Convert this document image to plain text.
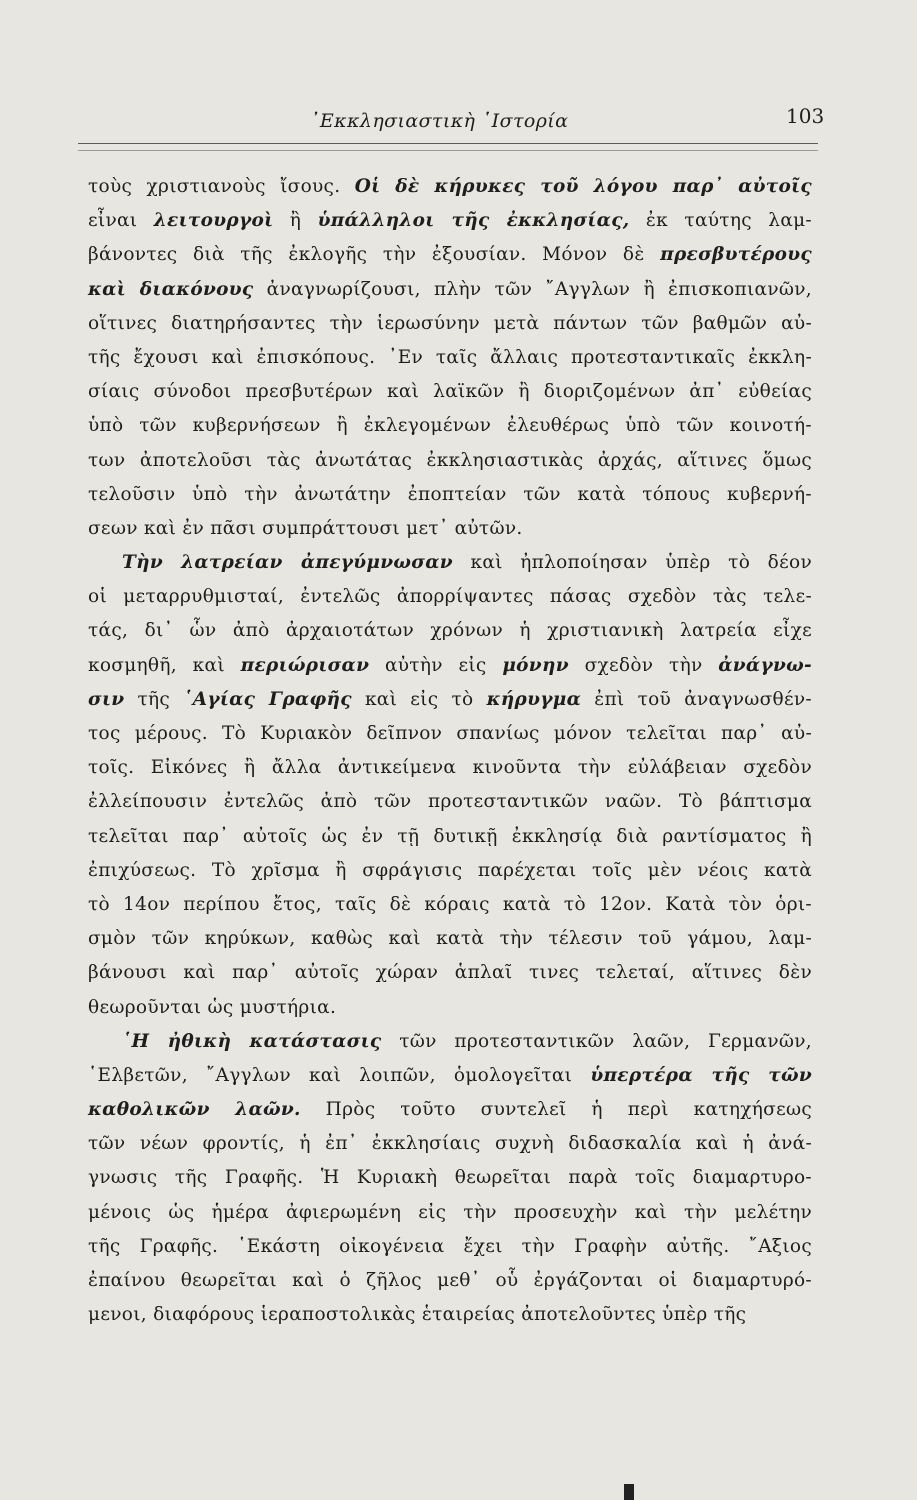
᾿Εκκλησιαστικὴ ῾Ιστορία	103
τοὺς χριστιανοὺς ἴσους. Οἱ δὲ κήρυκες τοῦ λόγου παρ᾿ αὐτοῖς
εἶναι λειτουργοὶ ἢ ὑπάλληλοι τῆς ἐκκλησίας, ἐκ ταύτης λαμ-
βάνοντες διὰ τῆς ἐκλογῆς τὴν ἐξουσίαν. Μόνον δὲ πρεσβυτέρους
καὶ διακόνους ἀναγνωρίζουσι, πλὴν τῶν ῎Αγγλων ἢ ἐπισκοπιανῶν,
οἵτινες διατηρήσαντες τὴν ἱερωσύνην μετὰ πάντων τῶν βαθμῶν αὐ-
τῆς ἔχουσι καὶ ἐπισκόπους. ᾿Εν ταῖς ἄλλαις προτεσταντικαῖς ἐκκλη-
σίαις σύνοδοι πρεσβυτέρων καὶ λαϊκῶν ἢ διοριζομένων ἀπ᾿ εὐθείας
ὑπὸ τῶν κυβερνήσεων ἢ ἐκλεγομένων ἐλευθέρως ὑπὸ τῶν κοινοτή-
των ἀποτελοῦσι τὰς ἀνωτάτας ἐκκλησιαστικὰς ἀρχάς, αἵτινες ὅμως
τελοῦσιν ὑπὸ τὴν ἀνωτάτην ἐποπτείαν τῶν κατὰ τόπους κυβερνή-
σεων καὶ ἐν πᾶσι συμπράττουσι μετ᾿ αὐτῶν.
Τὴν λατρείαν ἀπεγύμνωσαν καὶ ἠπλοποίησαν ὑπὲρ τὸ δέον
οἱ μεταρρυθμισταί, ἐντελῶς ἀπορρίψαντες πάσας σχεδὸν τὰς τελε-
τάς, δι᾿ ὧν ἀπὸ ἀρχαιοτάτων χρόνων ἡ χριστιανικὴ λατρεία εἶχε
κοσμηθῆ, καὶ περιώρισαν αὐτὴν εἰς μόνην σχεδὸν τὴν ἀνάγνω-
σιν τῆς ῾Αγίας Γραφῆς καὶ εἰς τὸ κήρυγμα ἐπὶ τοῦ ἀναγνωσθέν-
τος μέρους. Τὸ Κυριακὸν δεῖπνον σπανίως μόνον τελεῖται παρ᾿ αὐ-
τοῖς. Εἰκόνες ἢ ἄλλα ἀντικείμενα κινοῦντα τὴν εὐλάβειαν σχεδὸν
ἐλλείπουσιν ἐντελῶς ἀπὸ τῶν προτεσταντικῶν ναῶν. Τὸ βάπτισμα
τελεῖται παρ᾿ αὐτοῖς ὡς ἐν τῇ δυτικῇ ἐκκλησίᾳ διὰ ραντίσματος ἢ
ἐπιχύσεως. Τὸ χρῖσμα ἢ σφράγισις παρέχεται τοῖς μὲν νέοις κατὰ
τὸ 14ον περίπου ἔτος, ταῖς δὲ κόραις κατὰ τὸ 12ον. Κατὰ τὸν ὁρι-
σμὸν τῶν κηρύκων, καθὼς καὶ κατὰ τὴν τέλεσιν τοῦ γάμου, λαμ-
βάνουσι καὶ παρ᾿ αὐτοῖς χώραν ἁπλαῖ τινες τελεταί, αἵτινες δὲν
θεωροῦνται ὡς μυστήρια.
῾Η ἠθικὴ κατάστασις τῶν προτεσταντικῶν λαῶν, Γερμανῶν,
῾Ελβετῶν, ῎Αγγλων καὶ λοιπῶν, ὁμολογεῖται ὑπερτέρα τῆς τῶν
καθολικῶν λαῶν. Πρὸς τοῦτο συντελεῖ ἡ περὶ κατηχήσεως
τῶν νέων φροντίς, ἡ ἐπ᾿ ἐκκλησίαις συχνὴ διδασκαλία καὶ ἡ ἀνά-
γνωσις τῆς Γραφῆς. Ἡ Κυριακὴ θεωρεῖται παρὰ τοῖς διαμαρτυρο-
μένοις ὡς ἡμέρα ἀφιερωμένη εἰς τὴν προσευχὴν καὶ τὴν μελέτην
τῆς Γραφῆς. ῾Εκάστη οἰκογένεια ἔχει τὴν Γραφὴν αὐτῆς. ῎Αξιος
ἐπαίνου θεωρεῖται καὶ ὁ ζῆλος μεθ᾿ οὗ ἐργάζονται οἱ διαμαρτυρό-
μενοι, διαφόρους ἱεραποστολικὰς ἑταιρείας ἀποτελοῦντες ὑπὲρ τῆς
